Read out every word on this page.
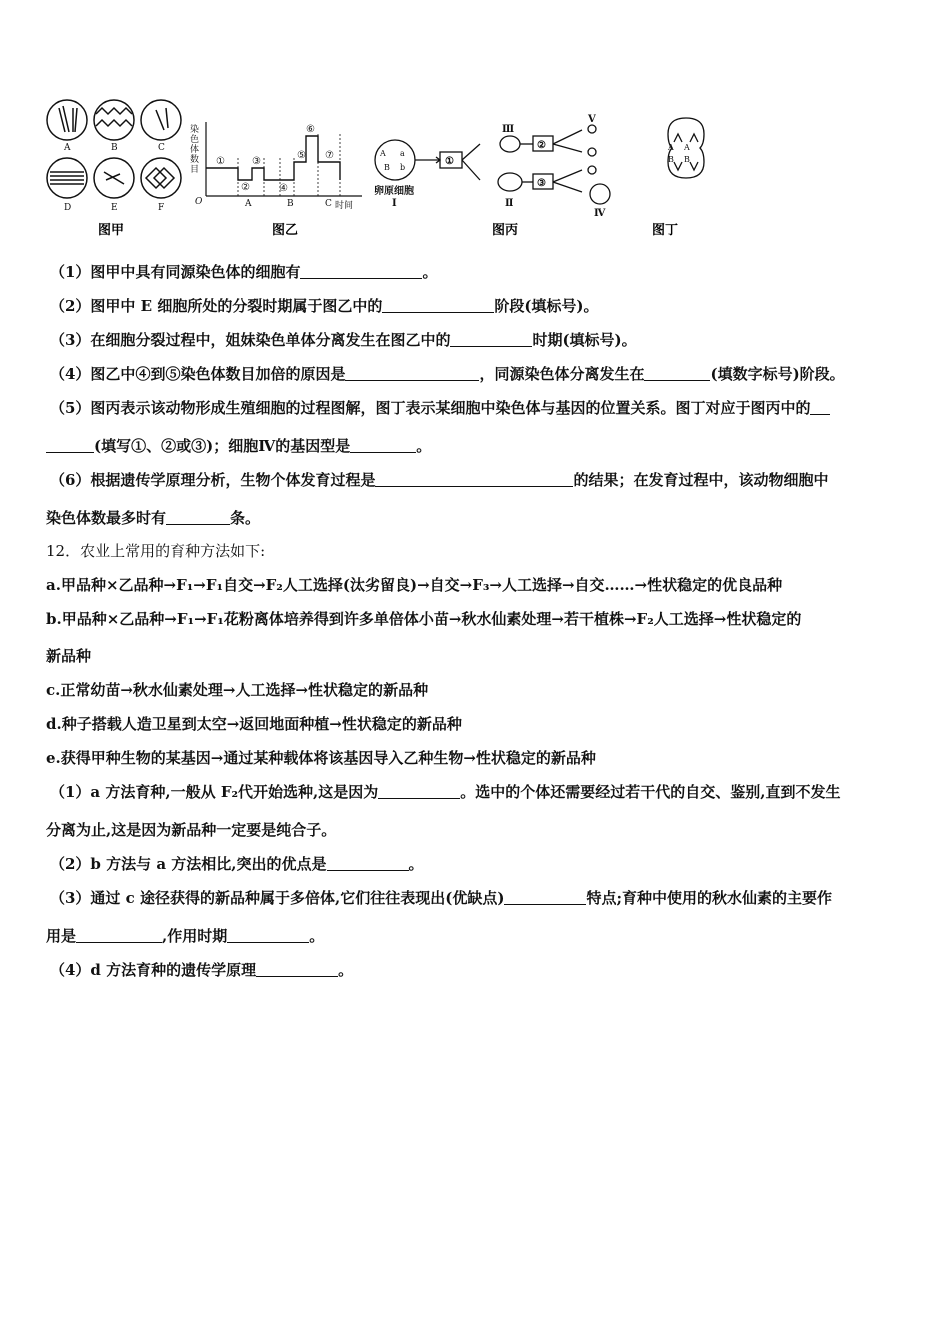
A	B	C
D	E	F
图甲
染
色
体
数
目
O	时间
①
②
③
④
⑤
⑥
⑦
A	B	C
图乙
A a
B b
卵原细胞
Ⅰ
①
②
③
Ⅱ
Ⅲ
Ⅳ
Ⅴ
图丙
A A
B B
图丁
（1）图甲中具有同源染色体的细胞有	。
（2）图甲中 E 细胞所处的分裂时期属于图乙中的	阶段(填标号)。
（3）在细胞分裂过程中，姐妹染色单体分离发生在图乙中的	时期(填标号)。
（4）图乙中④到⑤染色体数目加倍的原因是	，同源染色体分离发生在	(填数字标号)阶段。
（5）图丙表示该动物形成生殖细胞的过程图解，图丁表示某细胞中染色体与基因的位置关系。图丁对应于图丙中的
(填写①、②或③)；细胞Ⅳ的基因型是	。
（6）根据遗传学原理分析，生物个体发育过程是	的结果；在发育过程中，该动物细胞中
染色体数最多时有	条。
12．农业上常用的育种方法如下:
a.甲品种×乙品种→F₁→F₁自交→F₂人工选择(汰劣留良)→自交→F₃→人工选择→自交……→性状稳定的优良品种
b.甲品种×乙品种→F₁→F₁花粉离体培养得到许多单倍体小苗→秋水仙素处理→若干植株→F₂人工选择→性状稳定的
新品种
c.正常幼苗→秋水仙素处理→人工选择→性状稳定的新品种
d.种子搭载人造卫星到太空→返回地面种植→性状稳定的新品种
e.获得甲种生物的某基因→通过某种载体将该基因导入乙种生物→性状稳定的新品种
（1）a 方法育种,一般从 F₂代开始选种,这是因为	。选中的个体还需要经过若干代的自交、鉴别,直到不发生
分离为止,这是因为新品种一定要是纯合子。
（2）b 方法与 a 方法相比,突出的优点是	。
（3）通过 c 途径获得的新品种属于多倍体,它们往往表现出(优缺点)	特点;育种中使用的秋水仙素的主要作
用是	,作用时期	。
（4）d 方法育种的遗传学原理	。
